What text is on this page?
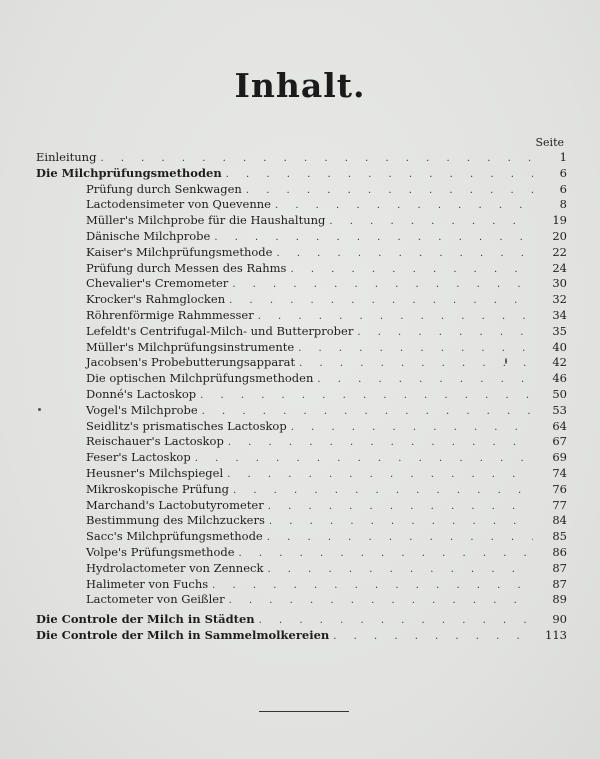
Inhalt.
Seite
Einleitung . . .	1
Die Milchprüfungsmethoden . . .	6
Prüfung durch Senkwagen . . .	6
Lactodensimeter von Quevenne . . .	8
Müller's Milchprobe für die Haushaltung . . .	19
Dänische Milchprobe . . .	20
Kaiser's Milchprüfungsmethode . . .	22
Prüfung durch Messen des Rahms . . .	24
Chevalier's Cremometer . . .	30
Krocker's Rahmglocken . . .	32
Röhrenförmige Rahmmesser . . .	34
Lefeldt's Centrifugal-Milch- und Butterprober . . .	35
Müller's Milchprüfungsinstrumente . . .	40
Jacobsen's Probebutterungsapparat . . .	42
Die optischen Milchprüfungsmethoden . . .	46
Donné's Lactoskop . . .	50
Vogel's Milchprobe . . .	53
Seidlitz's prismatisches Lactoskop . . .	64
Reischauer's Lactoskop . . .	67
Feser's Lactoskop . . .	69
Heusner's Milchspiegel . . .	74
Mikroskopische Prüfung . . .	76
Marchand's Lactobutyrometer . . .	77
Bestimmung des Milchzuckers . . .	84
Sacc's Milchprüfungsmethode . . .	85
Volpe's Prüfungsmethode . . .	86
Hydrolactometer von Zenneck . . .	87
Halimeter von Fuchs . . .	87
Lactometer von Geißler . . .	89
Die Controle der Milch in Städten . . .	90
Die Controle der Milch in Sammelmolkereien . . .	113
